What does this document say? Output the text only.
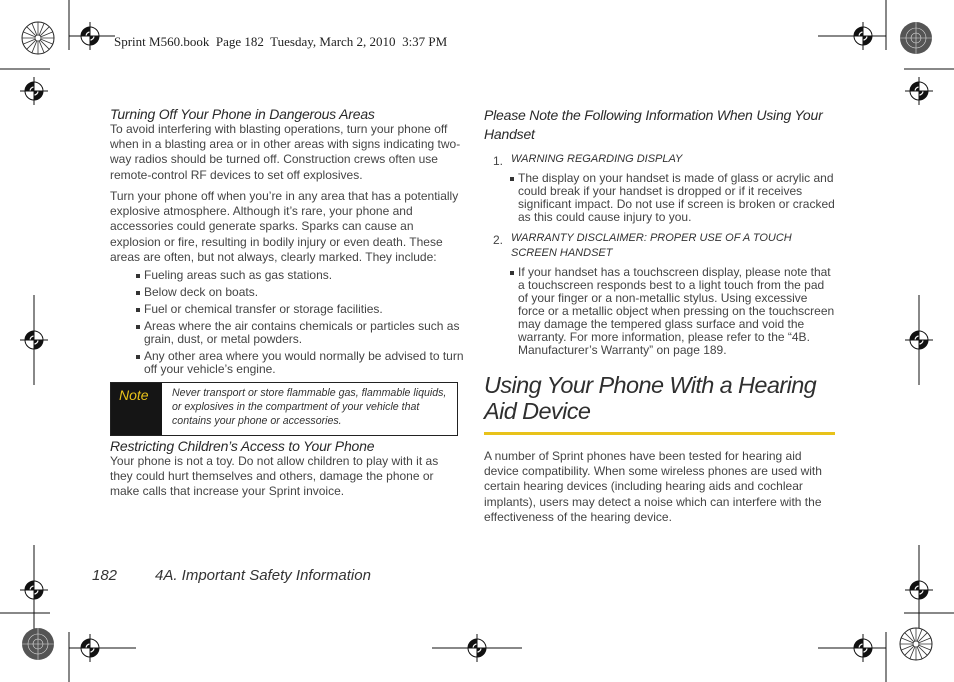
Sprint M560.book Page 182 Tuesday, March 2, 2010 3:37 PM
Turning Off Your Phone in Dangerous Areas
To avoid interfering with blasting operations, turn your phone off when in a blasting area or in other areas with signs indicating two-way radios should be turned off. Construction crews often use remote-control RF devices to set off explosives.
Turn your phone off when you’re in any area that has a potentially explosive atmosphere. Although it’s rare, your phone and accessories could generate sparks. Sparks can cause an explosion or fire, resulting in bodily injury or even death. These areas are often, but not always, clearly marked. They include:
Fueling areas such as gas stations.
Below deck on boats.
Fuel or chemical transfer or storage facilities.
Areas where the air contains chemicals or particles such as grain, dust, or metal powders.
Any other area where you would normally be advised to turn off your vehicle’s engine.
Note Never transport or store flammable gas, flammable liquids, or explosives in the compartment of your vehicle that contains your phone or accessories.
Restricting Children’s Access to Your Phone
Your phone is not a toy. Do not allow children to play with it as they could hurt themselves and others, damage the phone or make calls that increase your Sprint invoice.
Please Note the Following Information When Using Your Handset
1. WARNING REGARDING DISPLAY
The display on your handset is made of glass or acrylic and could break if your handset is dropped or if it receives significant impact. Do not use if screen is broken or cracked as this could cause injury to you.
2. WARRANTY DISCLAIMER: PROPER USE OF A TOUCH SCREEN HANDSET
If your handset has a touchscreen display, please note that a touchscreen responds best to a light touch from the pad of your finger or a non-metallic stylus. Using excessive force or a metallic object when pressing on the touchscreen may damage the tempered glass surface and void the warranty. For more information, please refer to the “4B. Manufacturer’s Warranty” on page 189.
Using Your Phone With a Hearing Aid Device
A number of Sprint phones have been tested for hearing aid device compatibility. When some wireless phones are used with certain hearing devices (including hearing aids and cochlear implants), users may detect a noise which can interfere with the effectiveness of the hearing device.
182	4A. Important Safety Information
